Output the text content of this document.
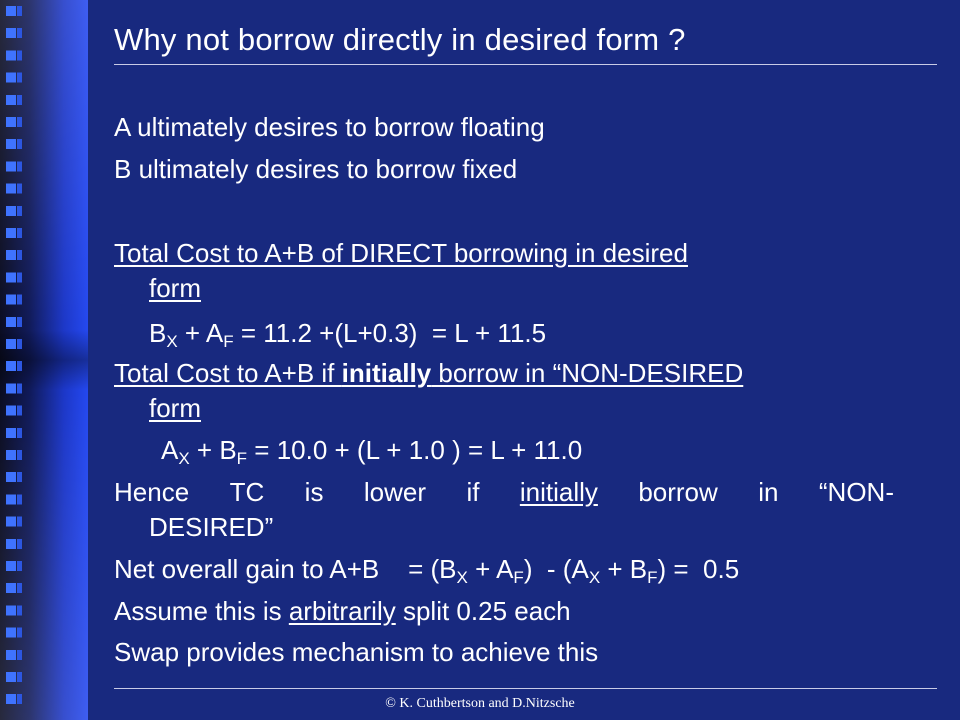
Why not borrow directly in desired form ?
A ultimately desires to borrow floating
B ultimately desires to borrow fixed
Total Cost to A+B of DIRECT borrowing in desired
form
$B_X + A_F = 11.2 +(L+0.3) = L + 11.5$
Total Cost to A+B if initially borrow in “NON-DESIRED
form
$A_X + B_F = 10.0 + (L + 1.0$ ) = L + 11.0
Hence TC is lower if initially borrow in “NON-
DESIRED”
Net overall gain to A+B    = $(B_X + A_F) - (A_X + B_F) = 0.5$
Assume this is arbitrarily split 0.25 each
Swap provides mechanism to achieve this
© K. Cuthbertson and D.Nitzsche
